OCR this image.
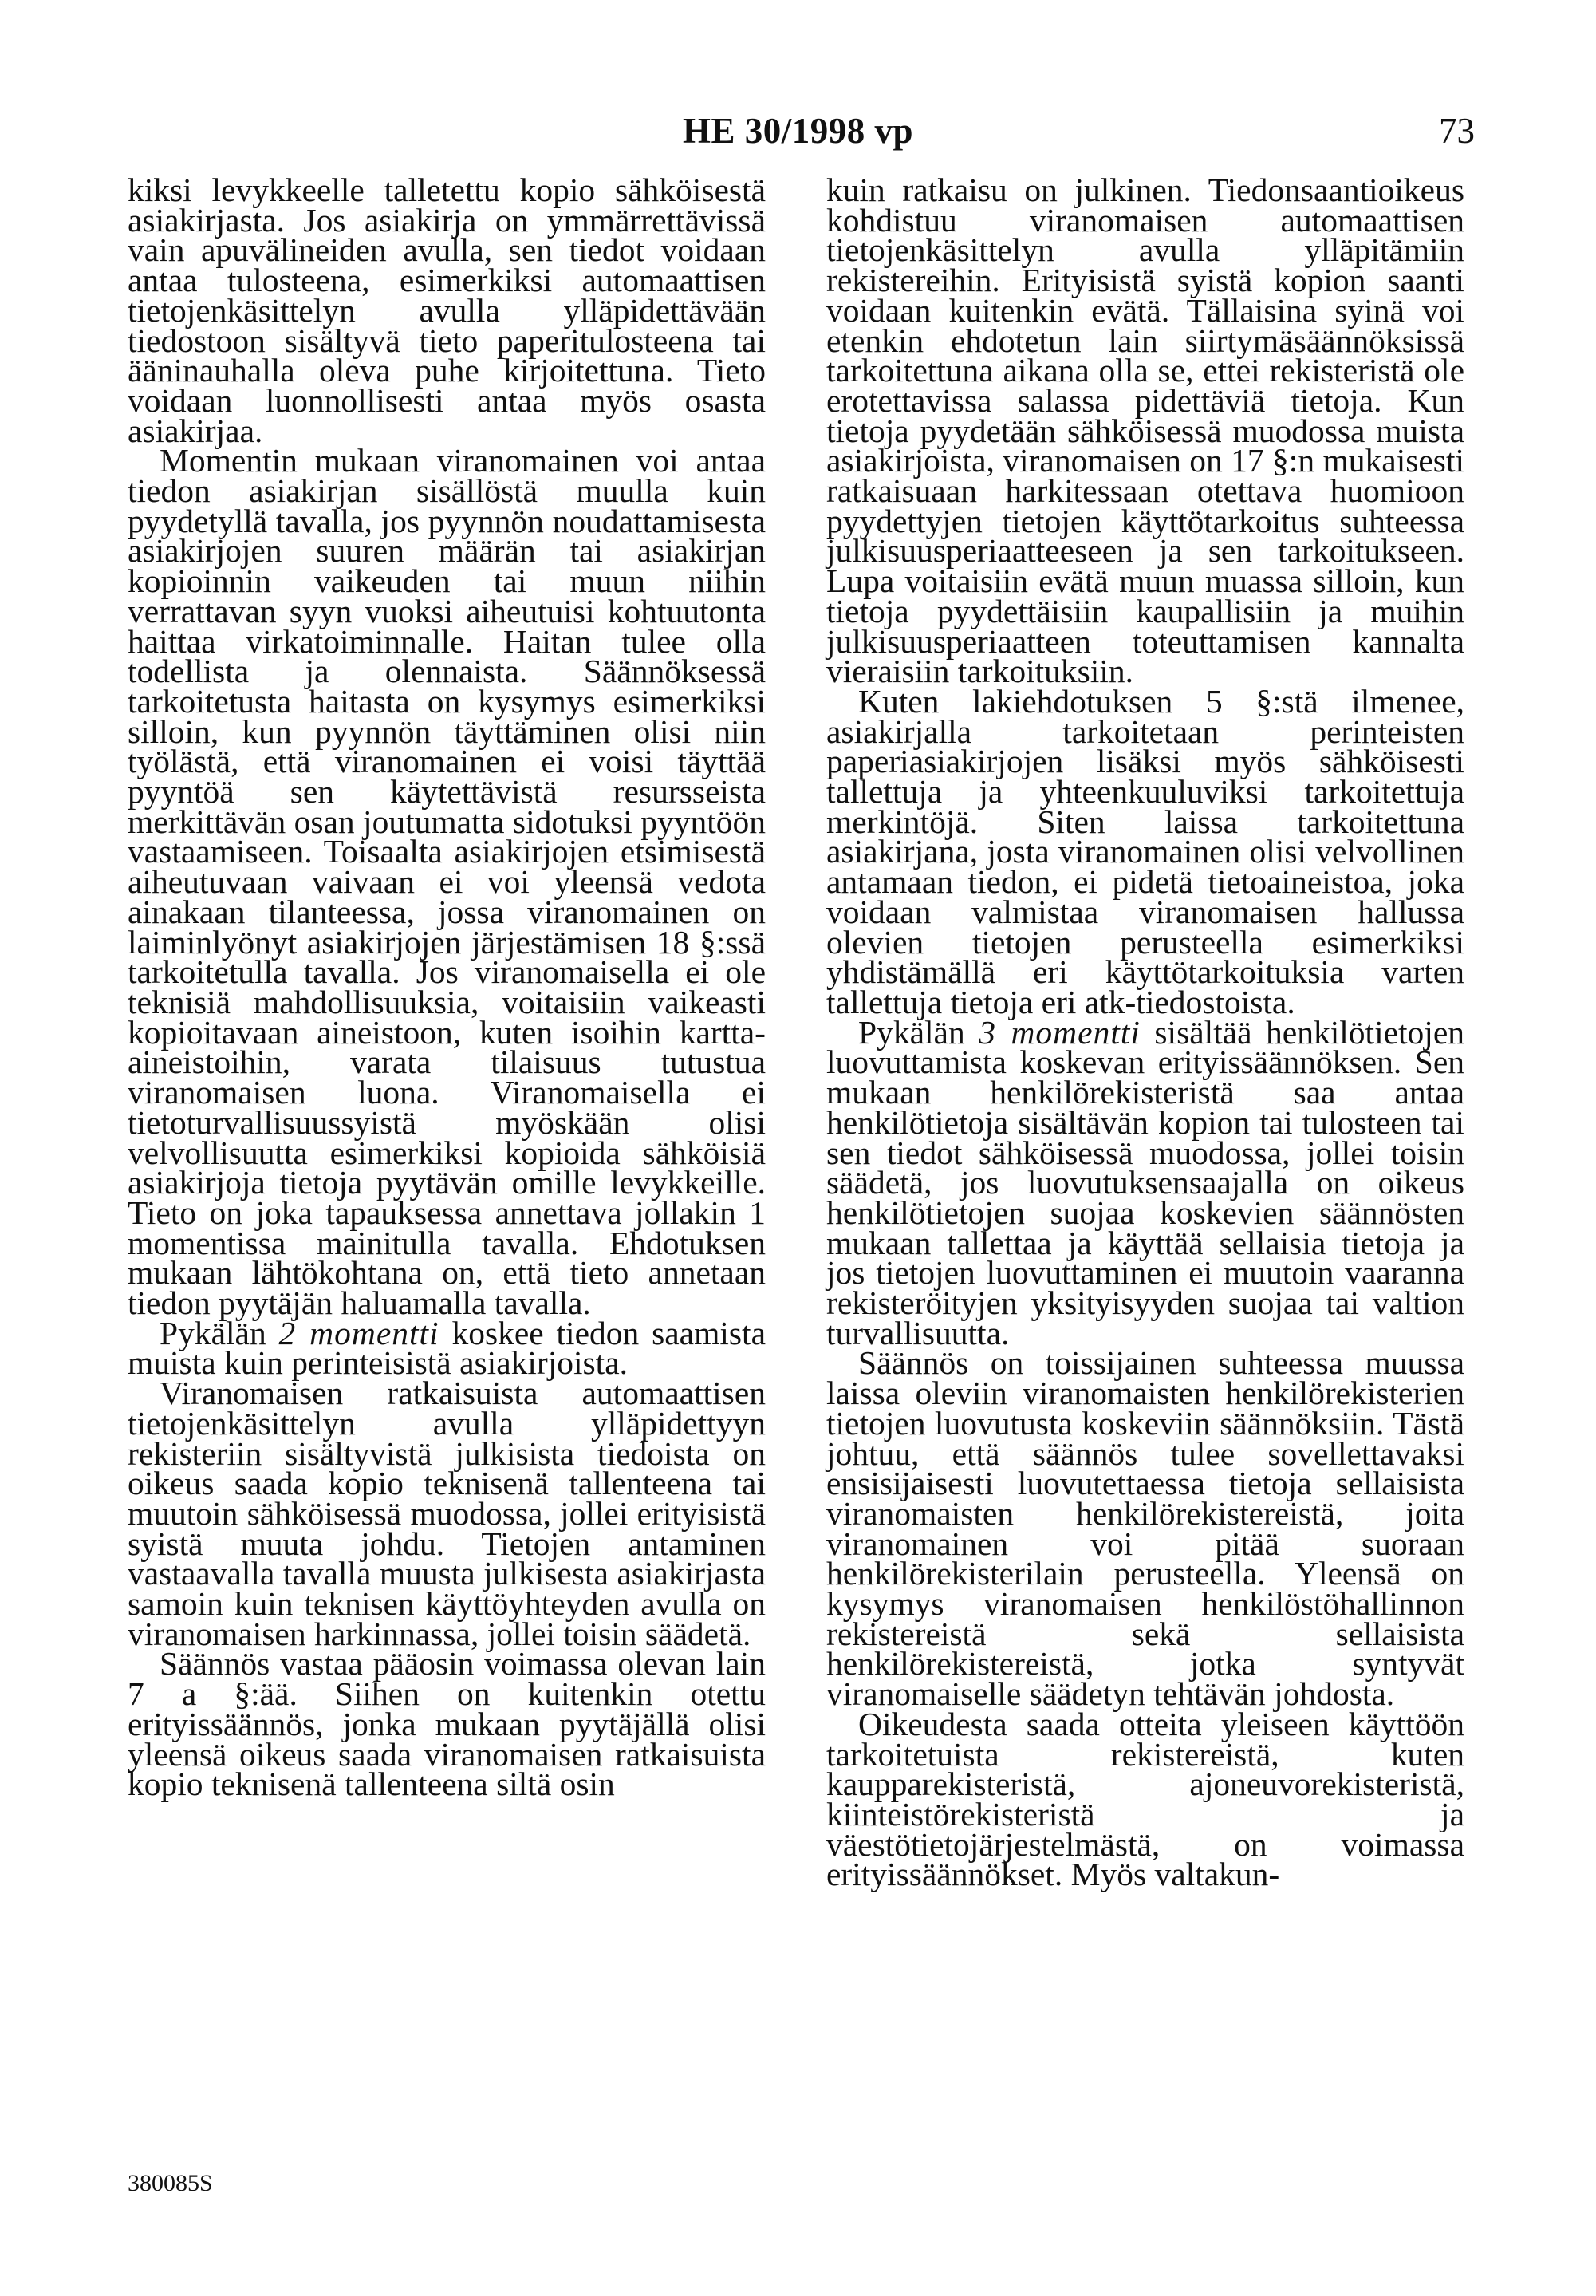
HE 30/1998 vp	73

kiksi levykkeelle talletettu kopio sähköisestä asiakirjasta. Jos asiakirja on ymmärrettävissä vain apuvälineiden avulla, sen tiedot voidaan antaa tulosteena, esimerkiksi automaattisen tietojenkäsittelyn avulla ylläpidettävään tiedostoon sisältyvä tieto paperitulosteena tai ääninauhalla oleva puhe kirjoitettuna. Tieto voidaan luonnollisesti antaa myös osasta asiakirjaa.

Momentin mukaan viranomainen voi antaa tiedon asiakirjan sisällöstä muulla kuin pyydetyllä tavalla, jos pyynnön noudattamisesta asiakirjojen suuren määrän tai asiakirjan kopioinnin vaikeuden tai muun niihin verrattavan syyn vuoksi aiheutuisi kohtuutonta haittaa virkatoiminnalle. Haitan tulee olla todellista ja olennaista. Säännöksessä tarkoitetusta haitasta on kysymys esimerkiksi silloin, kun pyynnön täyttäminen olisi niin työlästä, että viranomainen ei voisi täyttää pyyntöä sen käytettävistä resursseista merkittävän osan joutumatta sidotuksi pyyntöön vastaamiseen. Toisaalta asiakirjojen etsimisestä aiheutuvaan vaivaan ei voi yleensä vedota ainakaan tilanteessa, jossa viranomainen on laiminlyönyt asiakirjojen järjestämisen 18 §:ssä tarkoitetulla tavalla. Jos viranomaisella ei ole teknisiä mahdollisuuksia, voitaisiin vaikeasti kopioitavaan aineistoon, kuten isoihin kartta-aineistoihin, varata tilaisuus tutustua viranomaisen luona. Viranomaisella ei tietoturvallisuussyistä myöskään olisi velvollisuutta esimerkiksi kopioida sähköisiä asiakirjoja tietoja pyytävän omille levykkeille. Tieto on joka tapauksessa annettava jollakin 1 momentissa mainitulla tavalla. Ehdotuksen mukaan lähtökohtana on, että tieto annetaan tiedon pyytäjän haluamalla tavalla.

Pykälän 2 momentti koskee tiedon saamista muista kuin perinteisistä asiakirjoista.

Viranomaisen ratkaisuista automaattisen tietojenkäsittelyn avulla ylläpidettyyn rekisteriin sisältyvistä julkisista tiedoista on oikeus saada kopio teknisenä tallenteena tai muutoin sähköisessä muodossa, jollei erityisistä syistä muuta johdu. Tietojen antaminen vastaavalla tavalla muusta julkisesta asiakirjasta samoin kuin teknisen käyttöyhteyden avulla on viranomaisen harkinnassa, jollei toisin säädetä.

Säännös vastaa pääosin voimassa olevan lain 7 a §:ää. Siihen on kuitenkin otettu erityissäännös, jonka mukaan pyytäjällä olisi yleensä oikeus saada viranomaisen ratkaisuista kopio teknisenä tallenteena siltä osin

kuin ratkaisu on julkinen. Tiedonsaantioikeus kohdistuu viranomaisen automaattisen tietojenkäsittelyn avulla ylläpitämiin rekistereihin. Erityisistä syistä kopion saanti voidaan kuitenkin evätä. Tällaisina syinä voi etenkin ehdotetun lain siirtymäsäännöksissä tarkoitettuna aikana olla se, ettei rekisteristä ole erotettavissa salassa pidettäviä tietoja. Kun tietoja pyydetään sähköisessä muodossa muista asiakirjoista, viranomaisen on 17 §:n mukaisesti ratkaisuaan harkitessaan otettava huomioon pyydettyjen tietojen käyttötarkoitus suhteessa julkisuusperiaatteeseen ja sen tarkoitukseen. Lupa voitaisiin evätä muun muassa silloin, kun tietoja pyydettäisiin kaupallisiin ja muihin julkisuusperiaatteen toteuttamisen kannalta vieraisiin tarkoituksiin.

Kuten lakiehdotuksen 5 §:stä ilmenee, asiakirjalla tarkoitetaan perinteisten paperiasiakirjojen lisäksi myös sähköisesti tallettuja ja yhteenkuuluviksi tarkoitettuja merkintöjä. Siten laissa tarkoitettuna asiakirjana, josta viranomainen olisi velvollinen antamaan tiedon, ei pidetä tietoaineistoa, joka voidaan valmistaa viranomaisen hallussa olevien tietojen perusteella esimerkiksi yhdistämällä eri käyttötarkoituksia varten tallettuja tietoja eri atk-tiedostoista.

Pykälän 3 momentti sisältää henkilötietojen luovuttamista koskevan erityissäännöksen. Sen mukaan henkilörekisteristä saa antaa henkilötietoja sisältävän kopion tai tulosteen tai sen tiedot sähköisessä muodossa, jollei toisin säädetä, jos luovutuksensaajalla on oikeus henkilötietojen suojaa koskevien säännösten mukaan tallettaa ja käyttää sellaisia tietoja ja jos tietojen luovuttaminen ei muutoin vaaranna rekisteröityjen yksityisyyden suojaa tai valtion turvallisuutta.

Säännös on toissijainen suhteessa muussa laissa oleviin viranomaisten henkilörekisterien tietojen luovutusta koskeviin säännöksiin. Tästä johtuu, että säännös tulee sovellettavaksi ensisijaisesti luovutettaessa tietoja sellaisista viranomaisten henkilörekistereistä, joita viranomainen voi pitää suoraan henkilörekisterilain perusteella. Yleensä on kysymys viranomaisen henkilöstöhallinnon rekistereistä sekä sellaisista henkilörekistereistä, jotka syntyvät viranomaiselle säädetyn tehtävän johdosta.

Oikeudesta saada otteita yleiseen käyttöön tarkoitetuista rekistereistä, kuten kaupparekisteristä, ajoneuvorekisteristä, kiinteistörekisteristä ja väestötietojärjestelmästä, on voimassa erityissäännökset. Myös valtakun-

380085S
